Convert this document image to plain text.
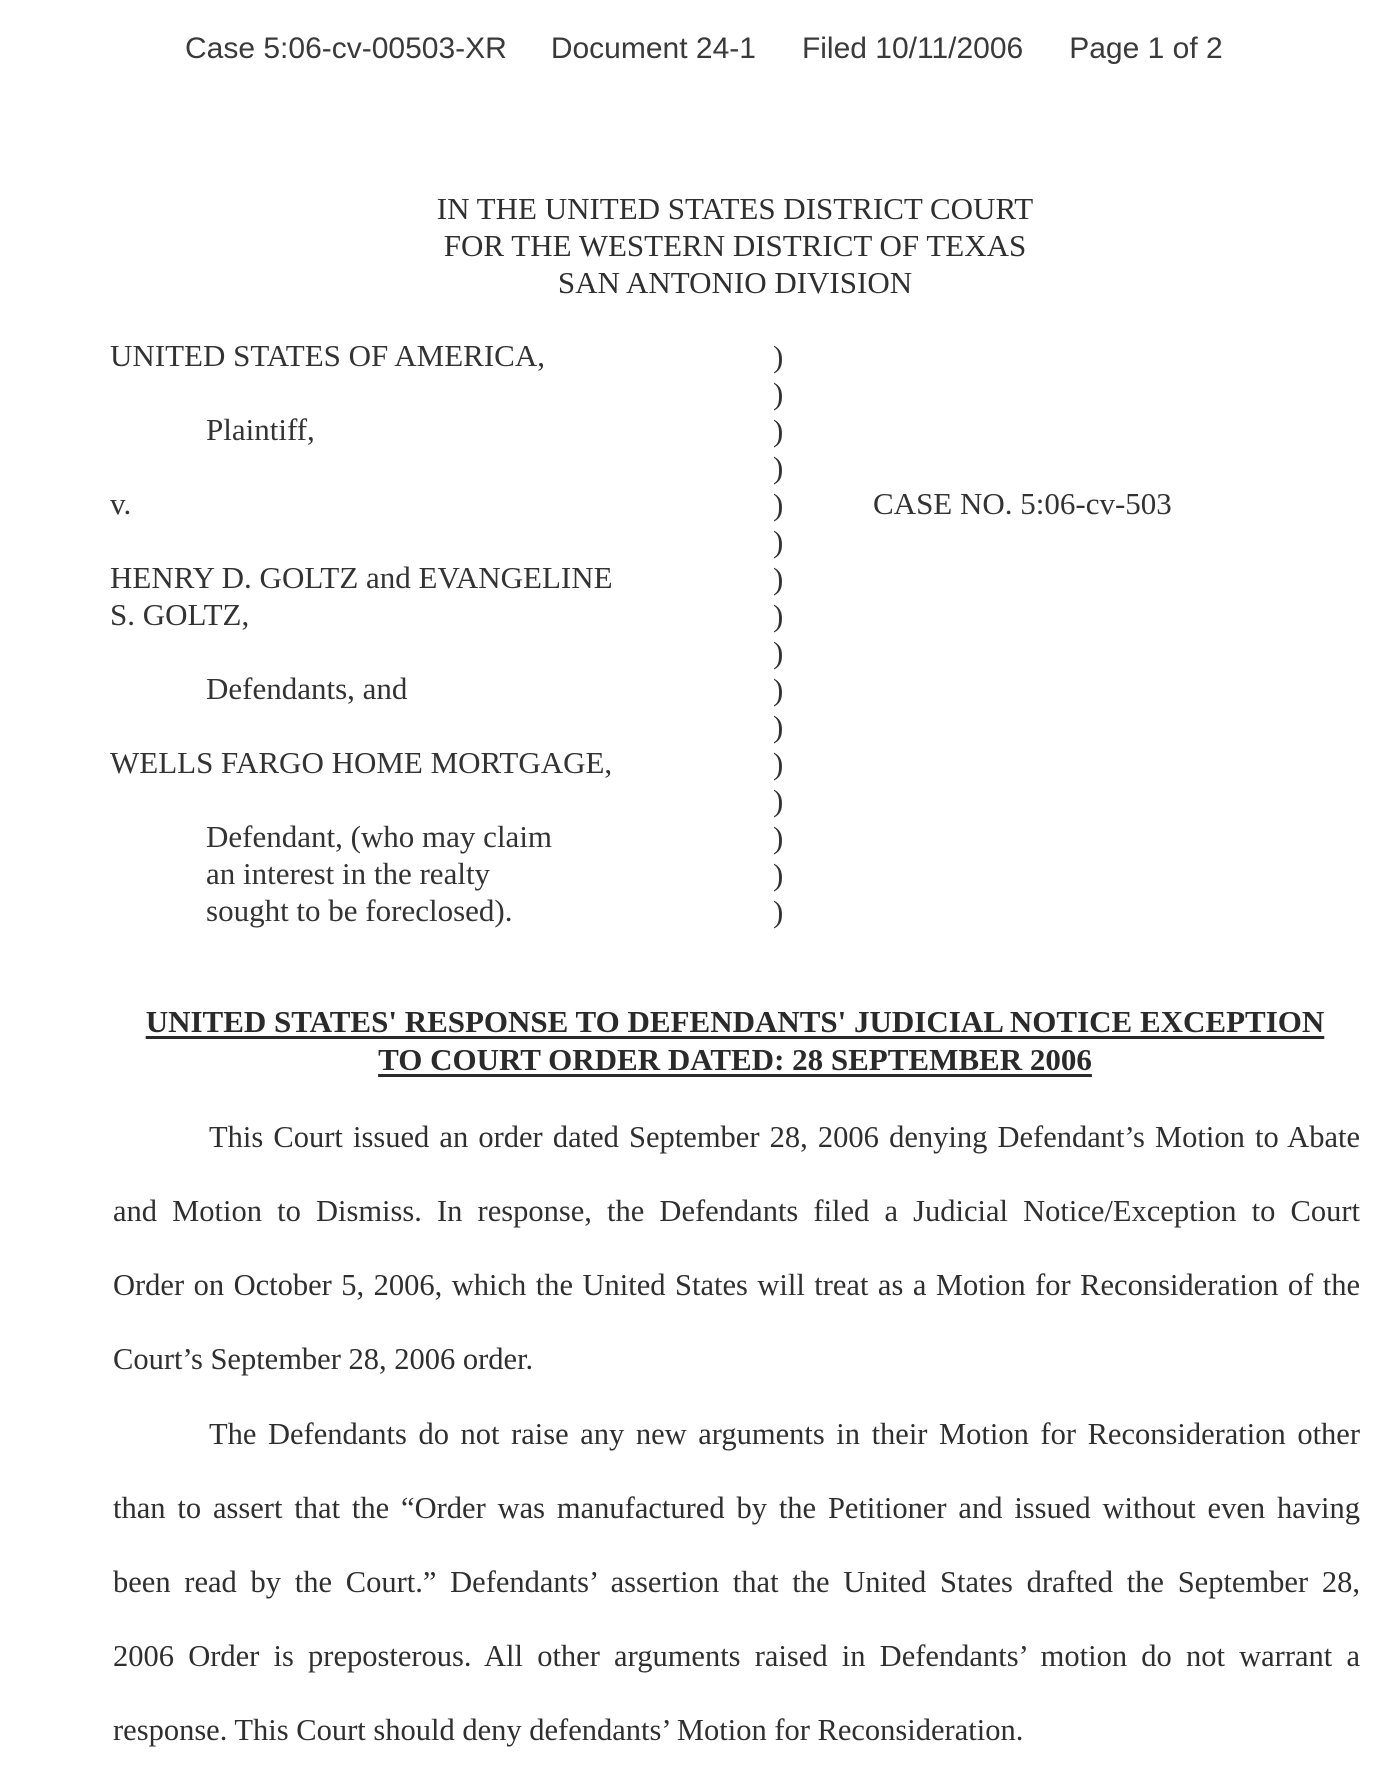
Case 5:06-cv-00503-XR Document 24-1 Filed 10/11/2006 Page 1 of 2
IN THE UNITED STATES DISTRICT COURT
FOR THE WESTERN DISTRICT OF TEXAS
SAN ANTONIO DIVISION
UNITED STATES OF AMERICA,
Plaintiff,
v.
HENRY D. GOLTZ and EVANGELINE
S. GOLTZ,
Defendants, and
WELLS FARGO HOME MORTGAGE,
Defendant, (who may claim
an interest in the realty
sought to be foreclosed).
)
)
)
)
)
)
)
)
)
)
)
)
)
)
)
)
CASE NO. 5:06-cv-503
UNITED STATES' RESPONSE TO DEFENDANTS' JUDICIAL NOTICE EXCEPTION
TO COURT ORDER DATED: 28 SEPTEMBER 2006
This Court issued an order dated September 28, 2006 denying Defendant’s Motion to Abate
and Motion to Dismiss. In response, the Defendants filed a Judicial Notice/Exception to Court
Order on October 5, 2006, which the United States will treat as a Motion for Reconsideration of the
Court’s September 28, 2006 order.
The Defendants do not raise any new arguments in their Motion for Reconsideration other
than to assert that the “Order was manufactured by the Petitioner and issued without even having
been read by the Court.” Defendants’ assertion that the United States drafted the September 28,
2006 Order is preposterous. All other arguments raised in Defendants’ motion do not warrant a
response. This Court should deny defendants’ Motion for Reconsideration.
